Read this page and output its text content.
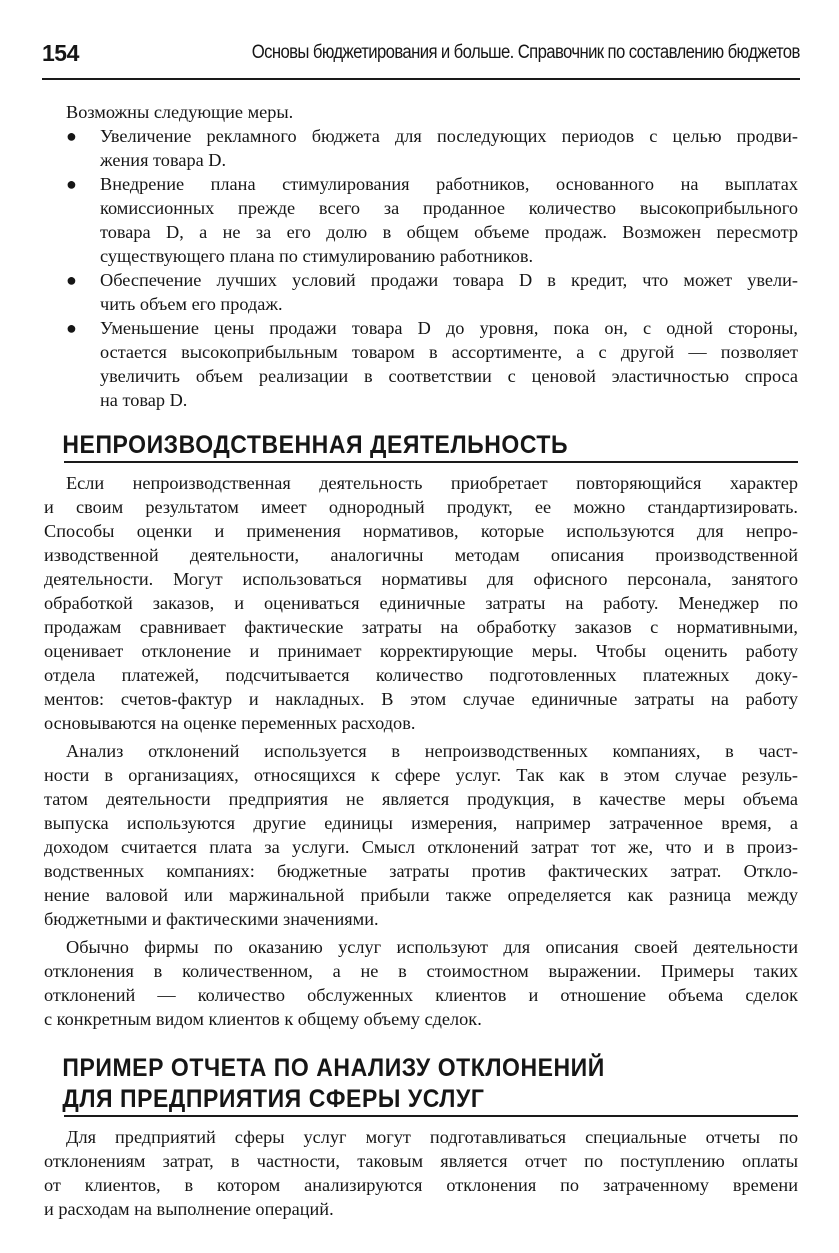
154	Основы бюджетирования и больше. Справочник по составлению бюджетов
Возможны следующие меры.
● Увеличение рекламного бюджета для последующих периодов с целью продви-
жения товара D.
● Внедрение плана стимулирования работников, основанного на выплатах
комиссионных прежде всего за проданное количество высокоприбыльного
товара D, а не за его долю в общем объеме продаж. Возможен пересмотр
существующего плана по стимулированию работников.
● Обеспечение лучших условий продажи товара D в кредит, что может увели-
чить объем его продаж.
● Уменьшение цены продажи товара D до уровня, пока он, с одной стороны,
остается высокоприбыльным товаром в ассортименте, а с другой — позволяет
увеличить объем реализации в соответствии с ценовой эластичностью спроса
на товар D.
НЕПРОИЗВОДСТВЕННАЯ ДЕЯТЕЛЬНОСТЬ
Если непроизводственная деятельность приобретает повторяющийся характер
и своим результатом имеет однородный продукт, ее можно стандартизировать.
Способы оценки и применения нормативов, которые используются для непро-
изводственной деятельности, аналогичны методам описания производственной
деятельности. Могут использоваться нормативы для офисного персонала, занятого
обработкой заказов, и оцениваться единичные затраты на работу. Менеджер по
продажам сравнивает фактические затраты на обработку заказов с нормативными,
оценивает отклонение и принимает корректирующие меры. Чтобы оценить работу
отдела платежей, подсчитывается количество подготовленных платежных доку-
ментов: счетов-фактур и накладных. В этом случае единичные затраты на работу
основываются на оценке переменных расходов.
Анализ отклонений используется в непроизводственных компаниях, в част-
ности в организациях, относящихся к сфере услуг. Так как в этом случае резуль-
татом деятельности предприятия не является продукция, в качестве меры объема
выпуска используются другие единицы измерения, например затраченное время, а
доходом считается плата за услуги. Смысл отклонений затрат тот же, что и в произ-
водственных компаниях: бюджетные затраты против фактических затрат. Откло-
нение валовой или маржинальной прибыли также определяется как разница между
бюджетными и фактическими значениями.
Обычно фирмы по оказанию услуг используют для описания своей деятельности
отклонения в количественном, а не в стоимостном выражении. Примеры таких
отклонений — количество обслуженных клиентов и отношение объема сделок
с конкретным видом клиентов к общему объему сделок.
ПРИМЕР ОТЧЕТА ПО АНАЛИЗУ ОТКЛОНЕНИЙ
ДЛЯ ПРЕДПРИЯТИЯ СФЕРЫ УСЛУГ
Для предприятий сферы услуг могут подготавливаться специальные отчеты по
отклонениям затрат, в частности, таковым является отчет по поступлению оплаты
от клиентов, в котором анализируются отклонения по затраченному времени
и расходам на выполнение операций.
